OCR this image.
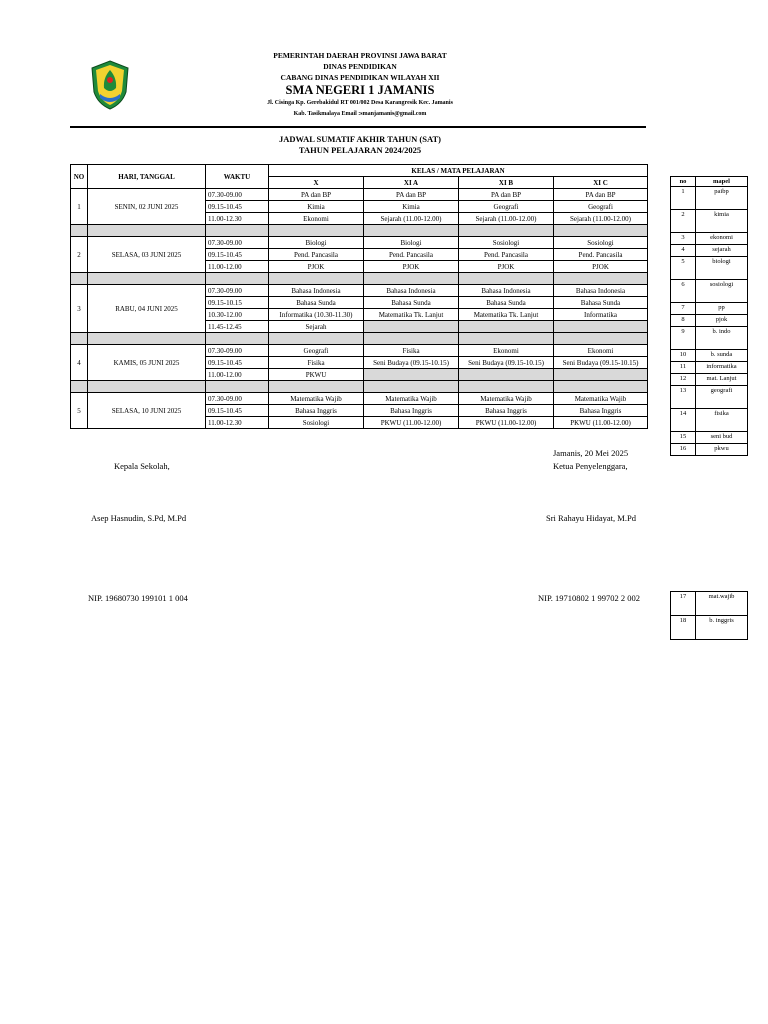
PEMERINTAH DAERAH PROVINSI JAWA BARAT
DINAS PENDIDIKAN
CABANG DINAS PENDIDIKAN WILAYAH XII
SMA NEGERI 1 JAMANIS
Jl. Cisinga Kp. Gerebakidul RT 001/002 Desa Karangresik Kec. Jamanis
Kab. Tasikmalaya Email :smanjamanis@gmail.com
JADWAL SUMATIF AKHIR TAHUN (SAT)
TAHUN PELAJARAN 2024/2025
NO	HARI, TANGGAL	WAKTU	KELAS / MATA PELAJARAN			
			X	XI A	XI B	XI C
1	SENIN, 02 JUNI 2025	07.30-09.00	PA dan BP	PA dan BP	PA dan BP	PA dan BP
		09.15-10.45	Kimia	Kimia	Geografi	Geografi
		11.00-12.30	Ekonomi	Sejarah (11.00-12.00)	Sejarah (11.00-12.00)	Sejarah (11.00-12.00)

2	SELASA, 03 JUNI 2025	07.30-09.00	Biologi	Biologi	Sosiologi	Sosiologi
		09.15-10.45	Pend. Pancasila	Pend. Pancasila	Pend. Pancasila	Pend. Pancasila
		11.00-12.00	PJOK	PJOK	PJOK	PJOK

3	RABU, 04 JUNI 2025	07.30-09.00	Bahasa Indonesia	Bahasa Indonesia	Bahasa Indonesia	Bahasa Indonesia
		09.15-10.15	Bahasa Sunda	Bahasa Sunda	Bahasa Sunda	Bahasa Sunda
		10.30-12.00	Informatika (10.30-11.30)	Matematika Tk. Lanjut	Matematika Tk. Lanjut	Informatika
		11.45-12.45	Sejarah			

4	KAMIS, 05 JUNI 2025	07.30-09.00	Geografi	Fisika	Ekonomi	Ekonomi
		09.15-10.45	Fisika	Seni Budaya (09.15-10.15)	Seni Budaya (09.15-10.15)	Seni Budaya (09.15-10.15)
		11.00-12.00	PKWU			

5	SELASA, 10 JUNI 2025	07.30-09.00	Matematika Wajib	Matematika Wajib	Matematika Wajib	Matematika Wajib
		09.15-10.45	Bahasa Inggris	Bahasa Inggris	Bahasa Inggris	Bahasa Inggris
		11.00-12.30	Sosiologi	PKWU (11.00-12.00)	PKWU (11.00-12.00)	PKWU (11.00-12.00)
no	mapel
1	paibp
2	kimia
3	ekonomi
4	sejarah
5	biologi
6	sosiologi
7	pp
8	pjok
9	b. indo
10	b. sunda
11	informatika
12	mat. Lanjut
13	geografi
14	fisika
15	seni bud
16	pkwu
17	mat.wajib
18	b. inggris
Jamanis, 20 Mei 2025
Kepala Sekolah,	Ketua Penyelenggara,
Asep Hasnudin, S.Pd, M.Pd	Sri Rahayu Hidayat, M.Pd
NIP. 19680730 199101 1 004	NIP. 19710802 1 99702 2 002
